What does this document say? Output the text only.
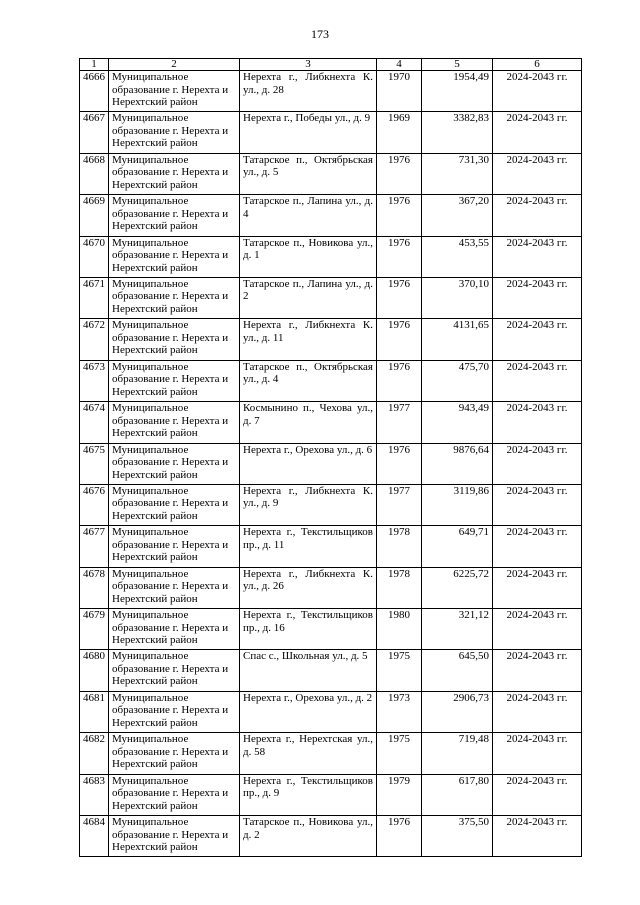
173
1	2	3	4	5	6
4666	Муниципальное образование г. Нерехта и Нерехтский район	Нерехта г., Либкнехта К. ул., д. 28	1970	1954,49	2024-2043 гг.
4667	Муниципальное образование г. Нерехта и Нерехтский район	Нерехта г., Победы ул., д. 9	1969	3382,83	2024-2043 гг.
4668	Муниципальное образование г. Нерехта и Нерехтский район	Татарское п., Октябрьская ул., д. 5	1976	731,30	2024-2043 гг.
4669	Муниципальное образование г. Нерехта и Нерехтский район	Татарское п., Лапина ул., д. 4	1976	367,20	2024-2043 гг.
4670	Муниципальное образование г. Нерехта и Нерехтский район	Татарское п., Новикова ул., д. 1	1976	453,55	2024-2043 гг.
4671	Муниципальное образование г. Нерехта и Нерехтский район	Татарское п., Лапина ул., д. 2	1976	370,10	2024-2043 гг.
4672	Муниципальное образование г. Нерехта и Нерехтский район	Нерехта г., Либкнехта К. ул., д. 11	1976	4131,65	2024-2043 гг.
4673	Муниципальное образование г. Нерехта и Нерехтский район	Татарское п., Октябрьская ул., д. 4	1976	475,70	2024-2043 гг.
4674	Муниципальное образование г. Нерехта и Нерехтский район	Космынино п., Чехова ул., д. 7	1977	943,49	2024-2043 гг.
4675	Муниципальное образование г. Нерехта и Нерехтский район	Нерехта г., Орехова ул., д. 6	1976	9876,64	2024-2043 гг.
4676	Муниципальное образование г. Нерехта и Нерехтский район	Нерехта г., Либкнехта К. ул., д. 9	1977	3119,86	2024-2043 гг.
4677	Муниципальное образование г. Нерехта и Нерехтский район	Нерехта г., Текстильщиков пр., д. 11	1978	649,71	2024-2043 гг.
4678	Муниципальное образование г. Нерехта и Нерехтский район	Нерехта г., Либкнехта К. ул., д. 26	1978	6225,72	2024-2043 гг.
4679	Муниципальное образование г. Нерехта и Нерехтский район	Нерехта г., Текстильщиков пр., д. 16	1980	321,12	2024-2043 гг.
4680	Муниципальное образование г. Нерехта и Нерехтский район	Спас с., Школьная ул., д. 5	1975	645,50	2024-2043 гг.
4681	Муниципальное образование г. Нерехта и Нерехтский район	Нерехта г., Орехова ул., д. 2	1973	2906,73	2024-2043 гг.
4682	Муниципальное образование г. Нерехта и Нерехтский район	Нерехта г., Нерехтская ул., д. 58	1975	719,48	2024-2043 гг.
4683	Муниципальное образование г. Нерехта и Нерехтский район	Нерехта г., Текстильщиков пр., д. 9	1979	617,80	2024-2043 гг.
4684	Муниципальное образование г. Нерехта и Нерехтский район	Татарское п., Новикова ул., д. 2	1976	375,50	2024-2043 гг.
